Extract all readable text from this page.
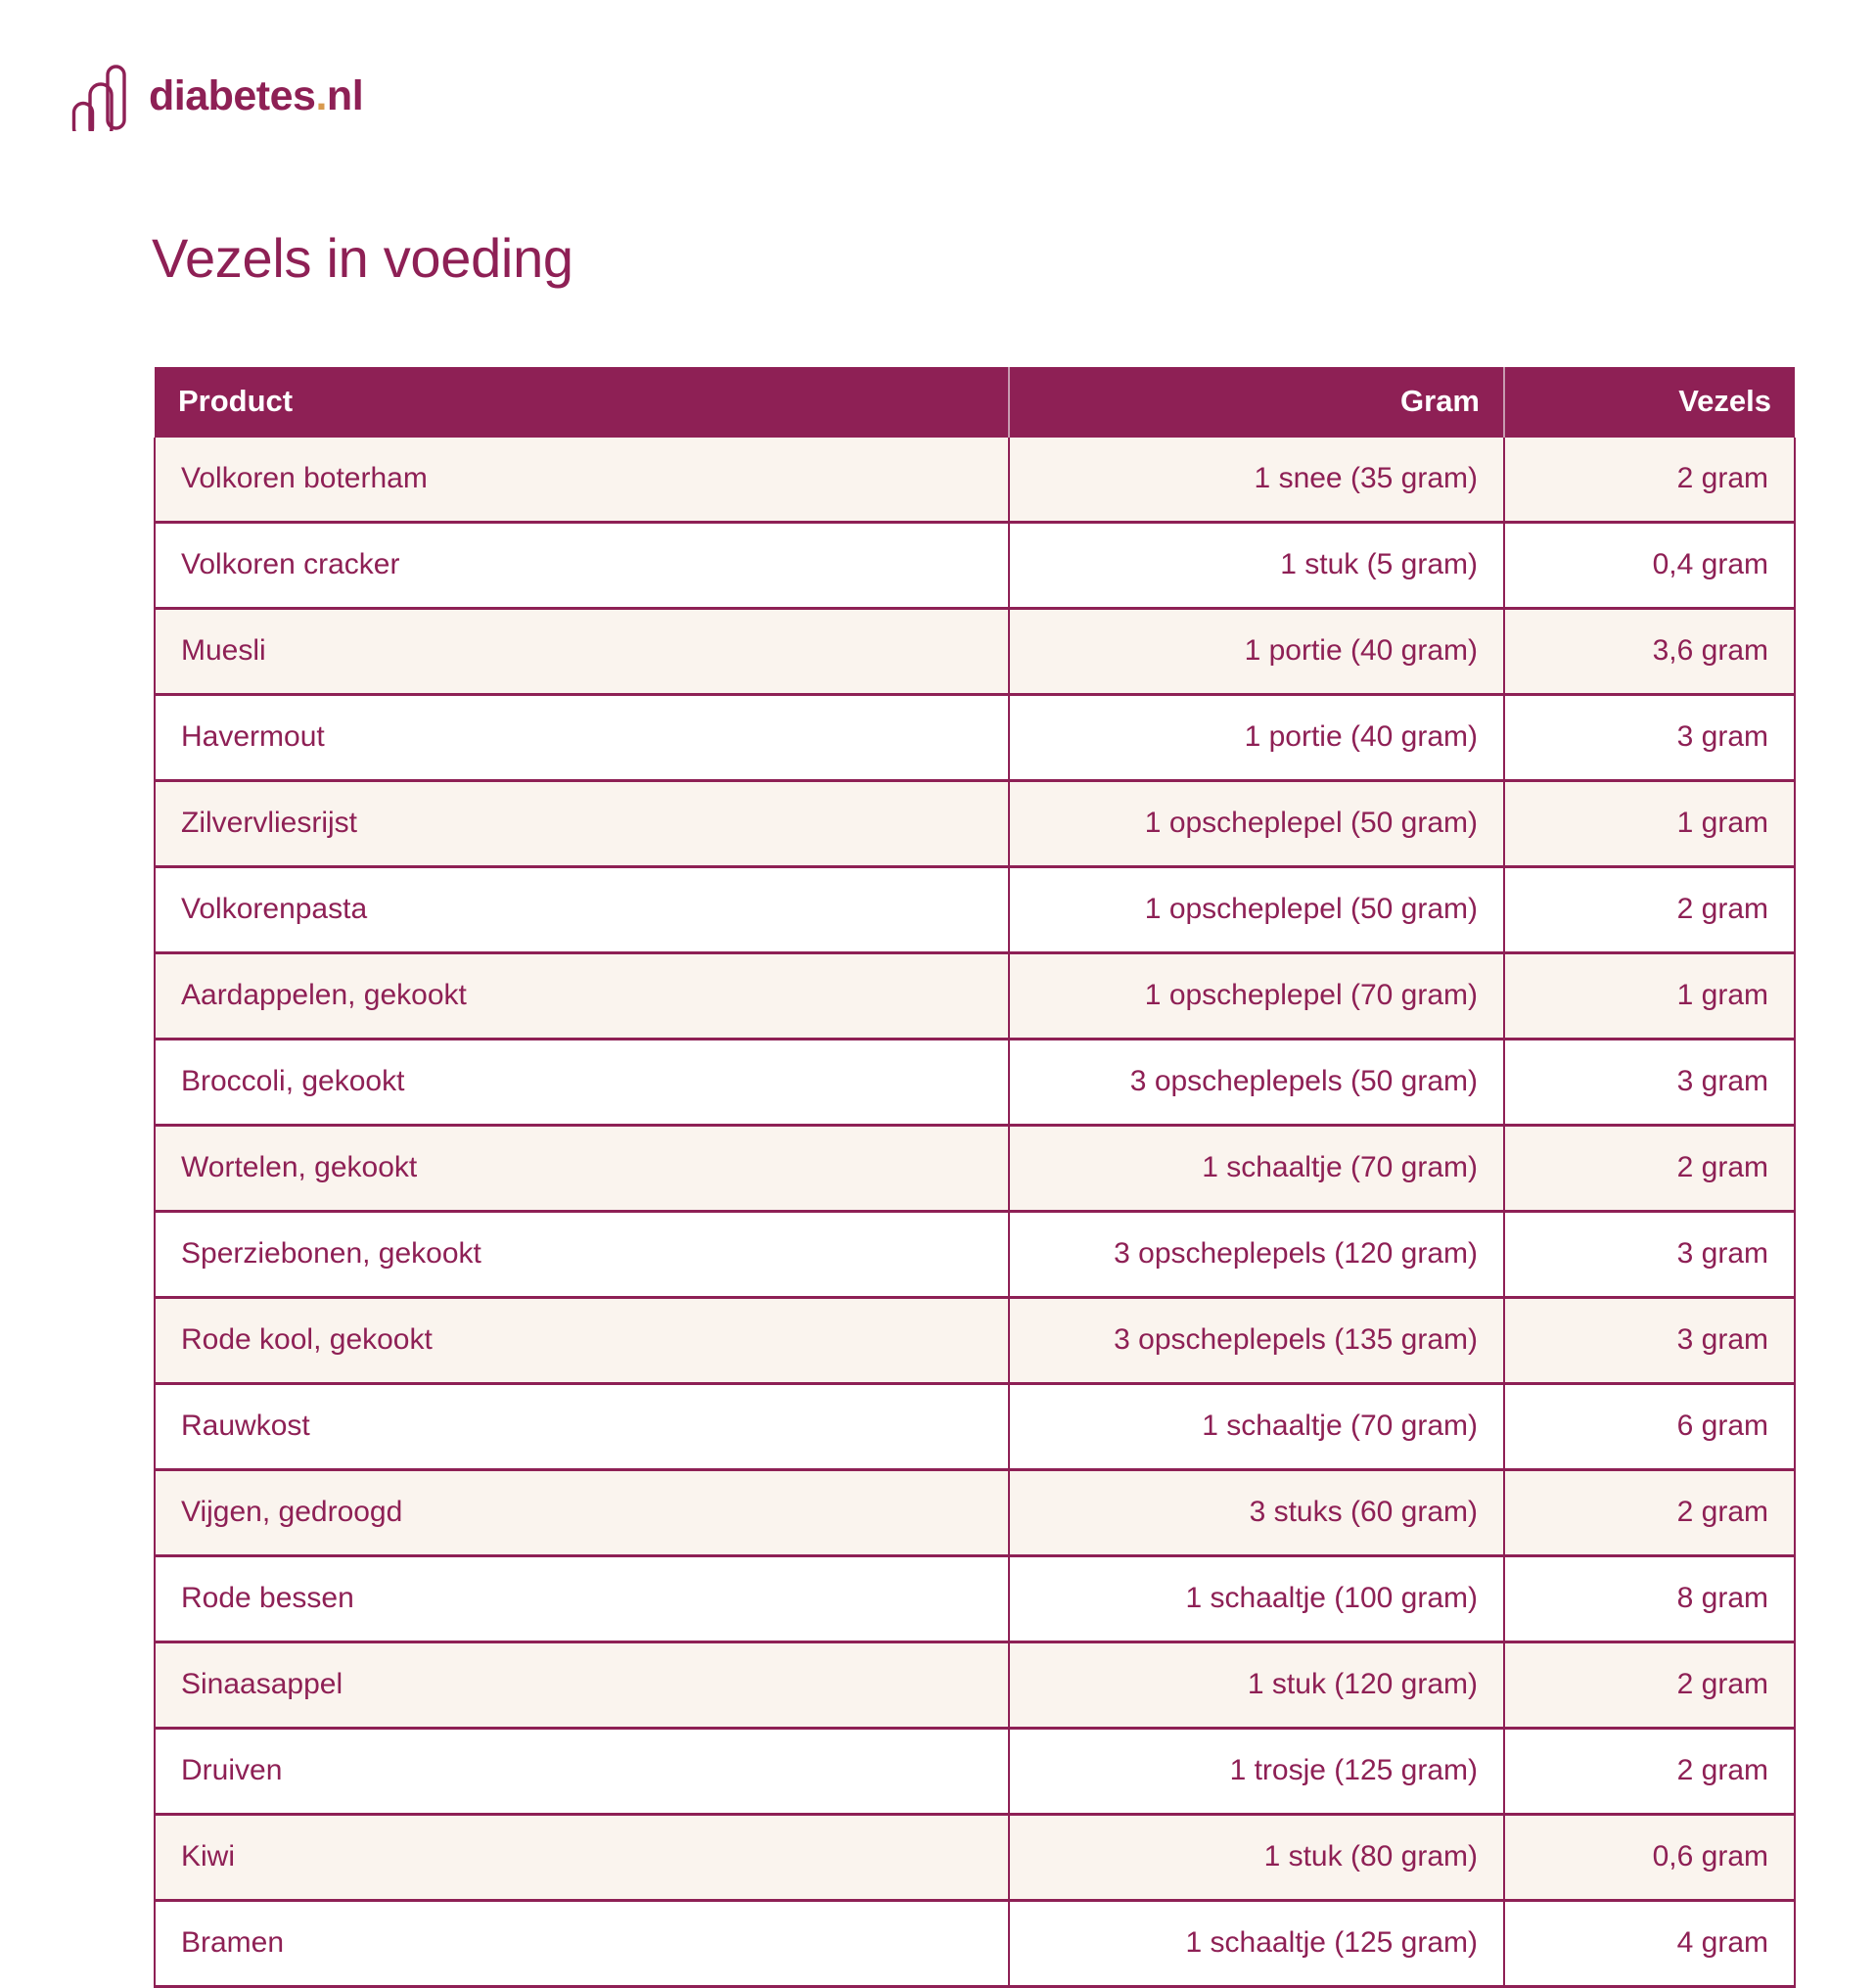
diabetes.nl
Vezels in voeding
Product	Gram	Vezels
Volkoren boterham	1 snee (35 gram)	2 gram
Volkoren cracker	1 stuk (5 gram)	0,4 gram
Muesli	1 portie (40 gram)	3,6 gram
Havermout	1 portie (40 gram)	3 gram
Zilvervliesrijst	1 opscheplepel (50 gram)	1 gram
Volkorenpasta	1 opscheplepel (50 gram)	2 gram
Aardappelen, gekookt	1 opscheplepel (70 gram)	1 gram
Broccoli, gekookt	3 opscheplepels (50 gram)	3 gram
Wortelen, gekookt	1 schaaltje (70 gram)	2 gram
Sperziebonen, gekookt	3 opscheplepels (120 gram)	3 gram
Rode kool, gekookt	3 opscheplepels (135 gram)	3 gram
Rauwkost	1 schaaltje (70 gram)	6 gram
Vijgen, gedroogd	3 stuks (60 gram)	2 gram
Rode bessen	1 schaaltje (100 gram)	8 gram
Sinaasappel	1 stuk (120 gram)	2 gram
Druiven	1 trosje (125 gram)	2 gram
Kiwi	1 stuk (80 gram)	0,6 gram
Bramen	1 schaaltje (125 gram)	4 gram
